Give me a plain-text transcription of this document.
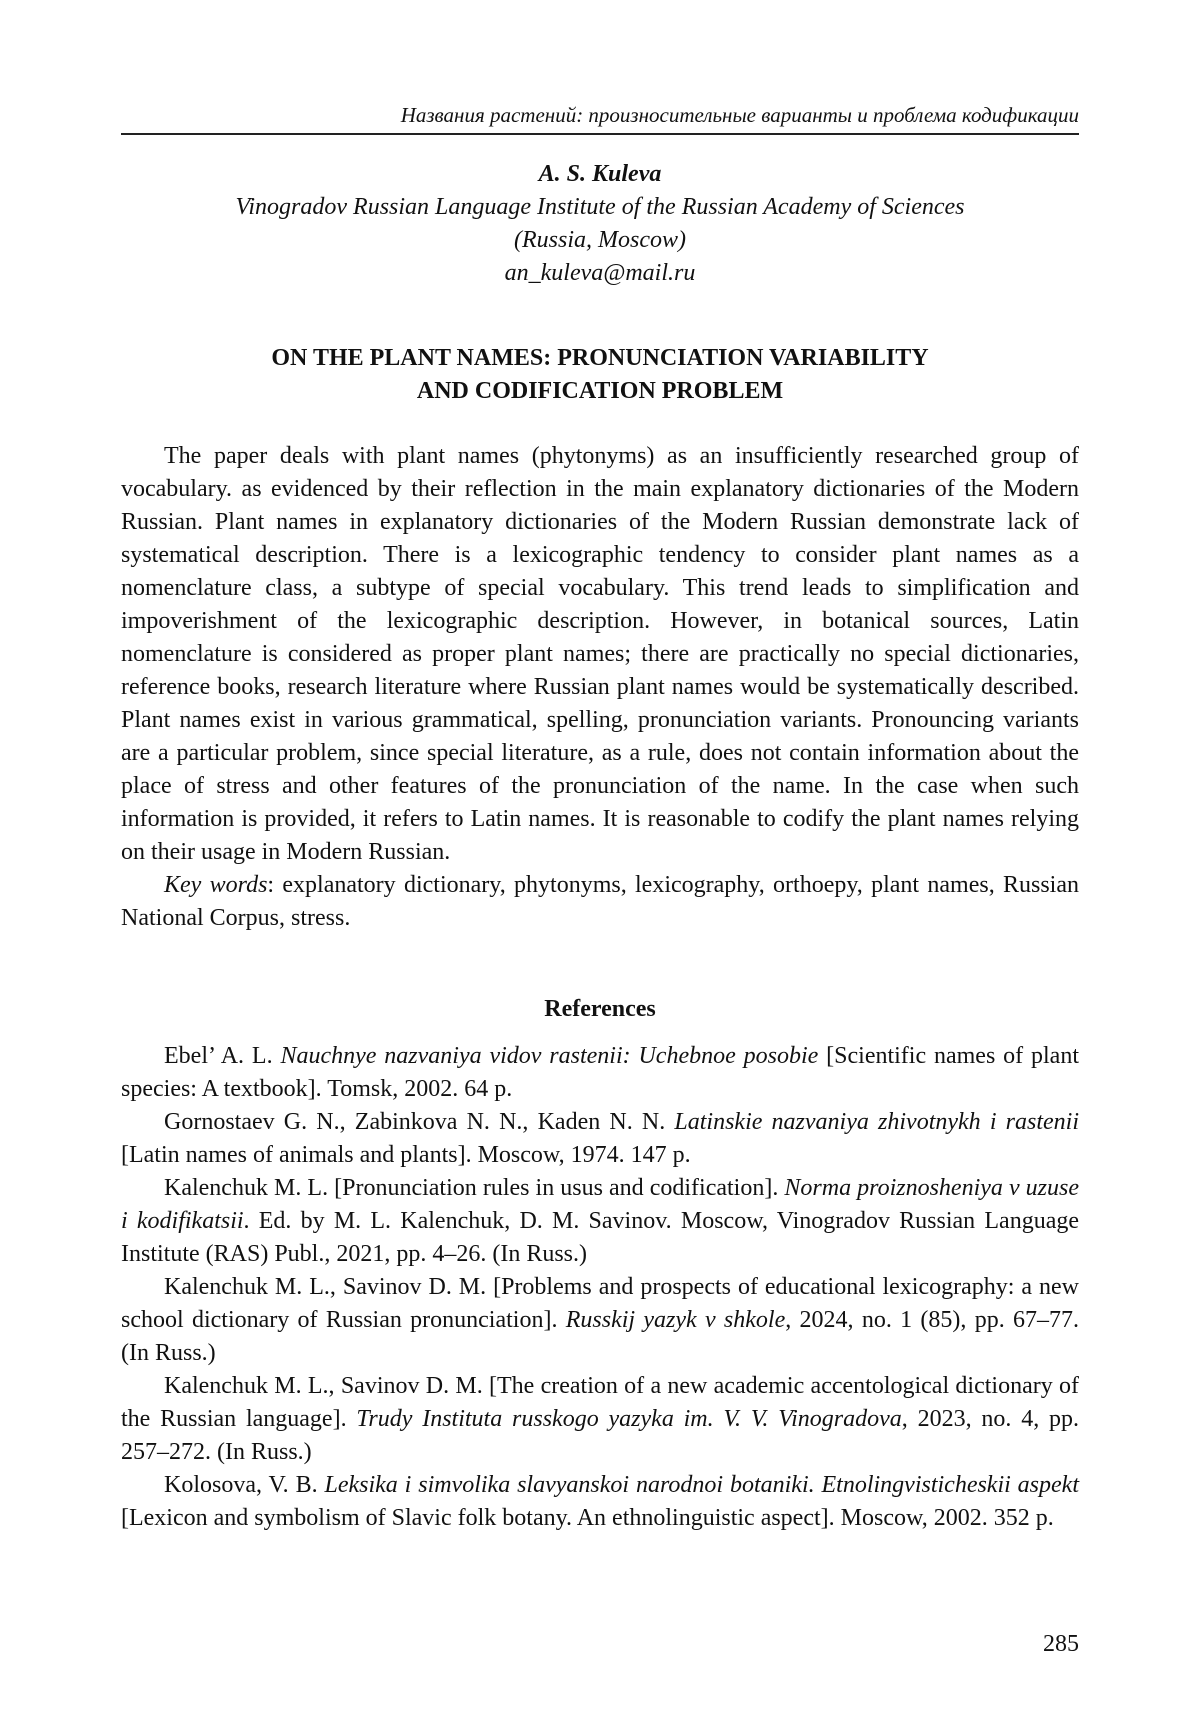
Названия растений: произносительные варианты и проблема кодификации
A. S. Kuleva
Vinogradov Russian Language Institute of the Russian Academy of Sciences
(Russia, Moscow)
an_kuleva@mail.ru
ON THE PLANT NAMES: PRONUNCIATION VARIABILITY
AND CODIFICATION PROBLEM

The paper deals with plant names (phytonyms) as an insufficiently researched group of vocabulary. as evidenced by their reflection in the main explanatory dictionaries of the Modern Russian. Plant names in explanatory dictionaries of the Modern Russian demonstrate lack of systematical description. There is a lexicographic tendency to consider plant names as a nomenclature class, a subtype of special vocabulary. This trend leads to simplification and impoverishment of the lexicographic description. However, in botanical sources, Latin nomenclature is considered as proper plant names; there are practically no special dictionaries, reference books, research literature where Russian plant names would be systematically described. Plant names exist in various grammatical, spelling, pronunciation variants. Pronouncing variants are a particular problem, since special literature, as a rule, does not contain information about the place of stress and other features of the pronunciation of the name. In the case when such information is provided, it refers to Latin names. It is reasonable to codify the plant names relying on their usage in Modern Russian.

Key words: explanatory dictionary, phytonyms, lexicography, orthoepy, plant names, Russian National Corpus, stress.

References

Ebel’ A. L. Nauchnye nazvaniya vidov rastenii: Uchebnoe posobie [Scientific names of plant species: A textbook]. Tomsk, 2002. 64 p.

Gornostaev G. N., Zabinkova N. N., Kaden N. N. Latinskie nazvaniya zhivotnykh i rastenii [Latin names of animals and plants]. Moscow, 1974. 147 p.

Kalenchuk M. L. [Pronunciation rules in usus and codification]. Norma proiznosheniya v uzuse i kodifikatsii. Ed. by M. L. Kalenchuk, D. M. Savinov. Moscow, Vinogradov Russian Language Institute (RAS) Publ., 2021, pp. 4–26. (In Russ.)

Kalenchuk M. L., Savinov D. M. [Problems and prospects of educational lexicography: a new school dictionary of Russian pronunciation]. Russkij yazyk v shkole, 2024, no. 1 (85), pp. 67–77. (In Russ.)

Kalenchuk M. L., Savinov D. M. [The creation of a new academic accentological dictionary of the Russian language]. Trudy Instituta russkogo yazyka im. V. V. Vinogradova, 2023, no. 4, pp. 257–272. (In Russ.)

Kolosova, V. B. Leksika i simvolika slavyanskoi narodnoi botaniki. Etnolingvisticheskii aspekt [Lexicon and symbolism of Slavic folk botany. An ethnolinguistic aspect]. Moscow, 2002. 352 p.

285
